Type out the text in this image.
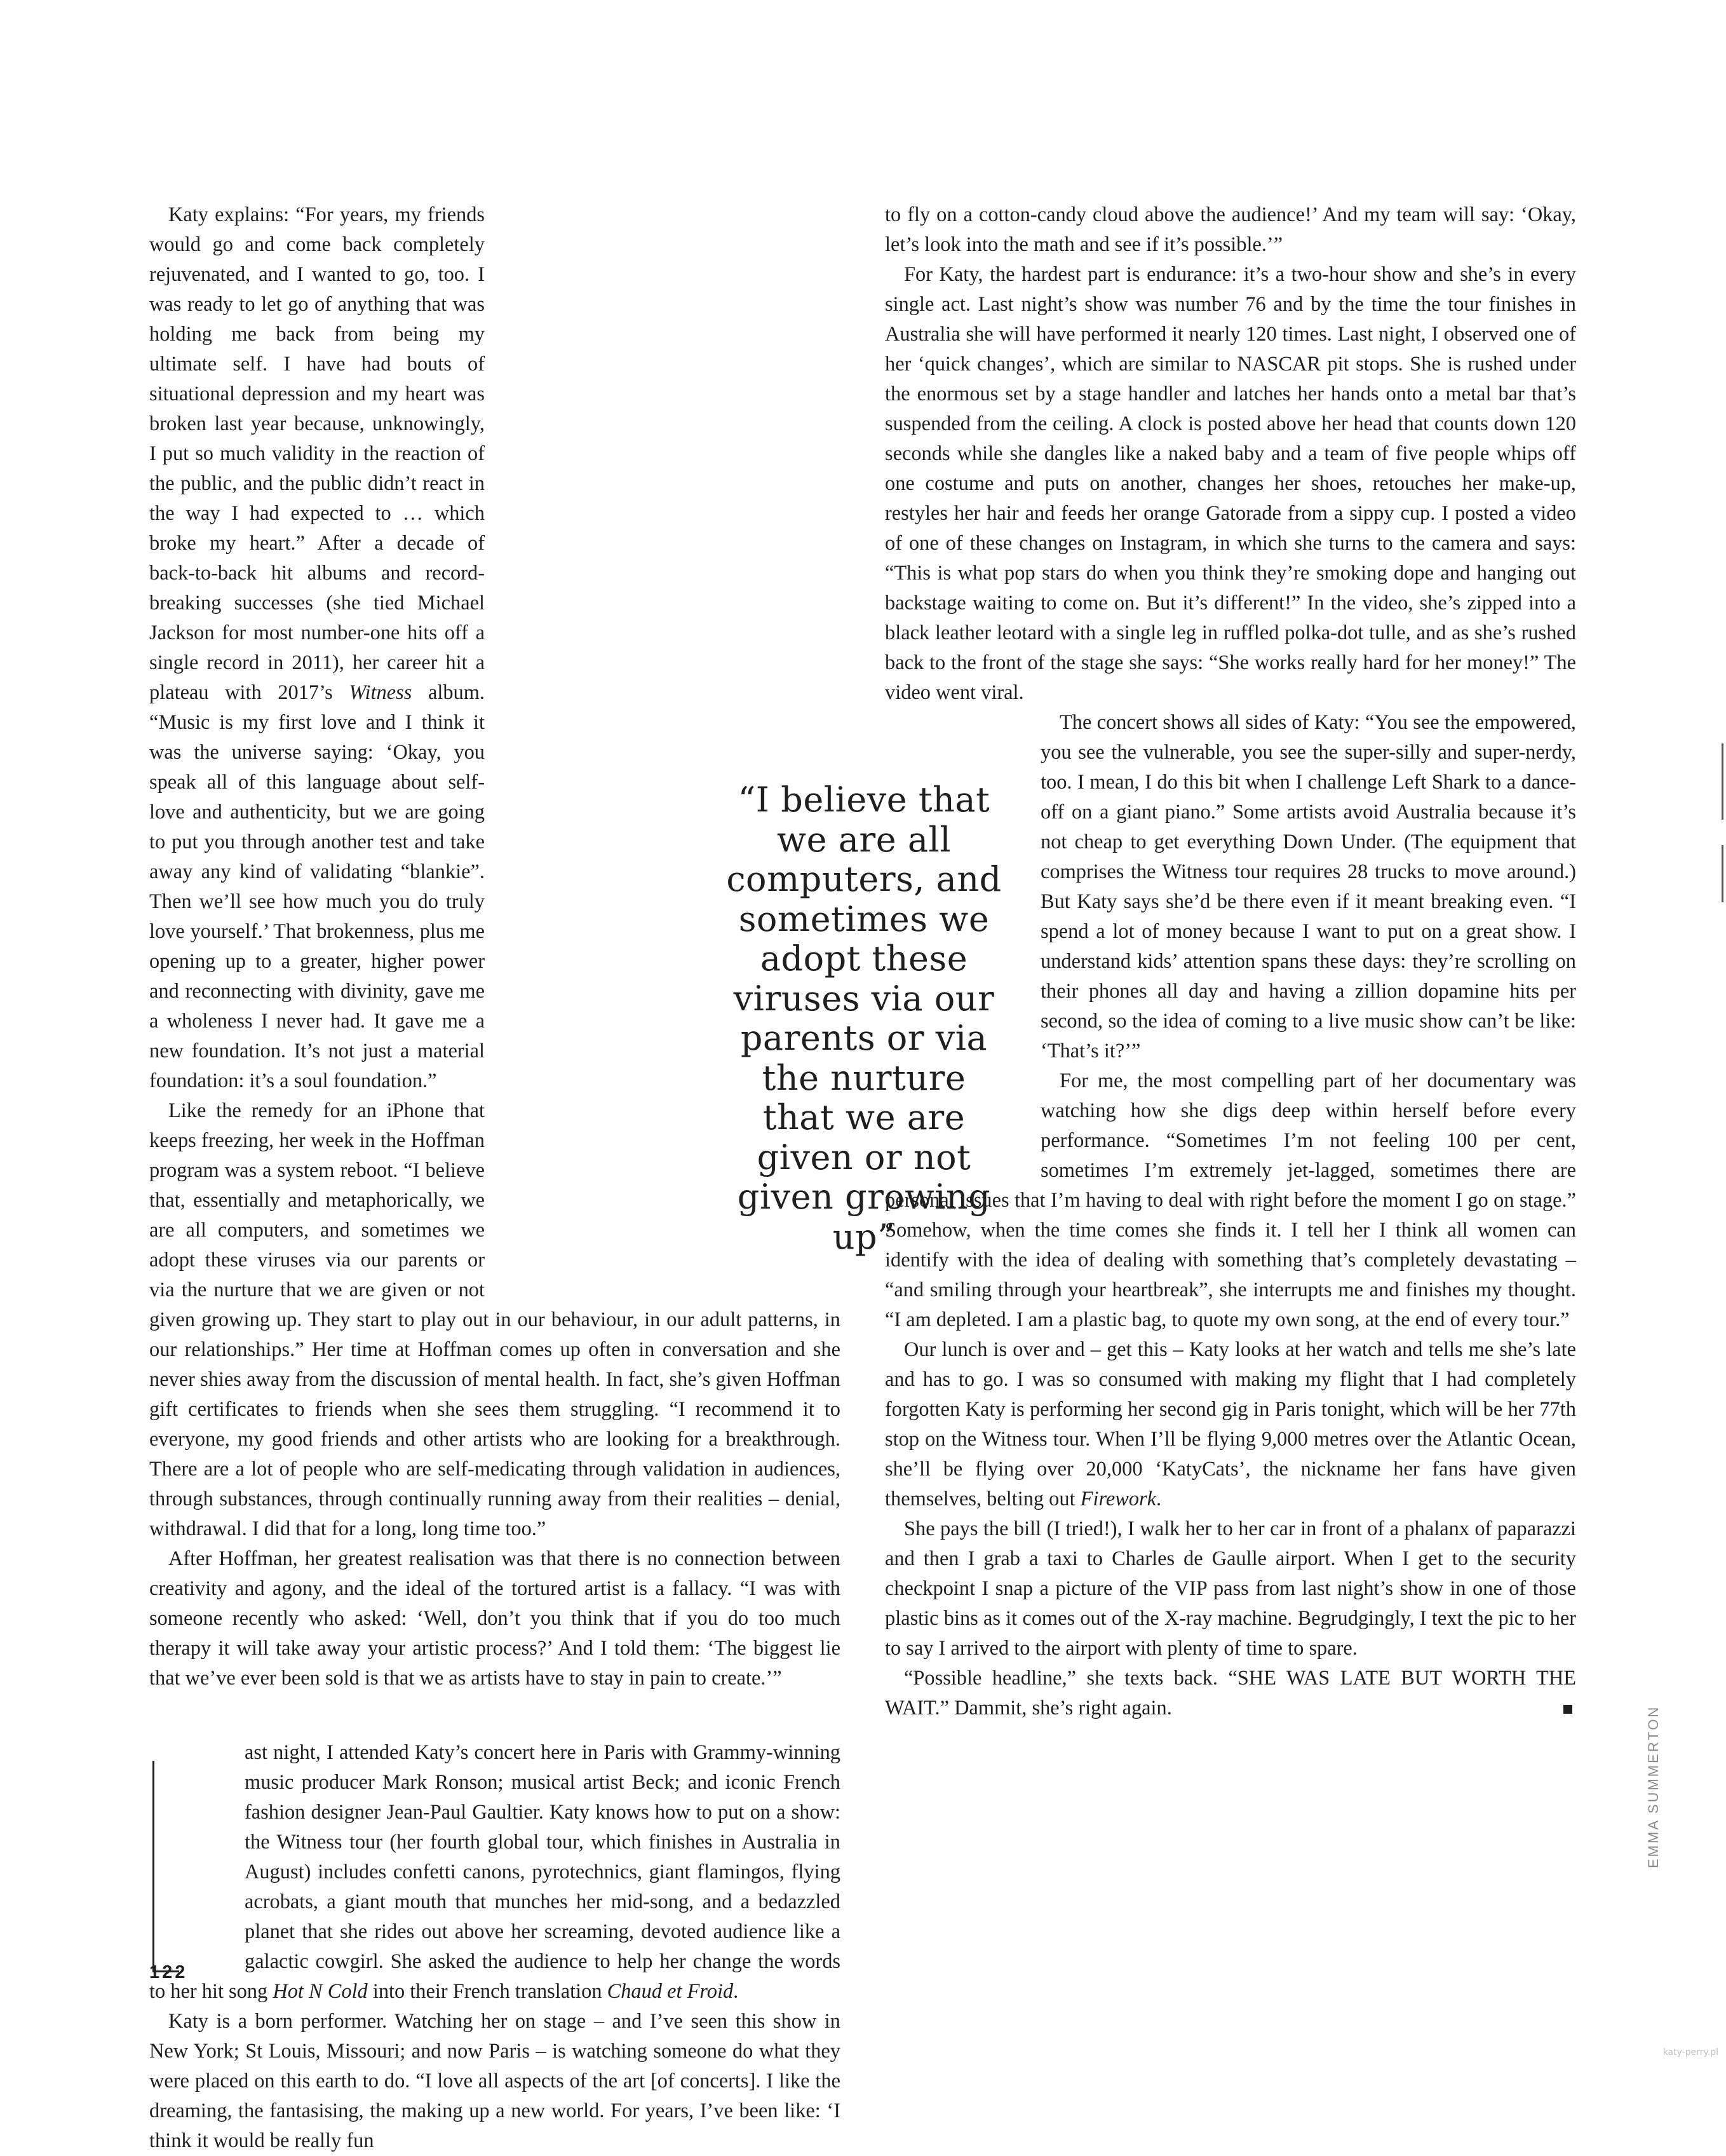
Katy explains: “For years, my friends would go and come back completely rejuvenated, and I wanted to go, too. I was ready to let go of anything that was holding me back from being my ultimate self. I have had bouts of situational depression and my heart was broken last year because, unknowingly, I put so much validity in the reaction of the public, and the public didn’t react in the way I had expected to … which broke my heart.” After a decade of back-to-back hit albums and record-breaking successes (she tied Michael Jackson for most number-one hits off a single record in 2011), her career hit a plateau with 2017’s Witness album. “Music is my first love and I think it was the universe saying: ‘Okay, you speak all of this language about self-love and authenticity, but we are going to put you through another test and take away any kind of validating “blankie”. Then we’ll see how much you do truly love yourself.’ That brokenness, plus me opening up to a greater, higher power and reconnecting with divinity, gave me a wholeness I never had. It gave me a new foundation. It’s not just a material foundation: it’s a soul foundation.”

Like the remedy for an iPhone that keeps freezing, her week in the Hoffman program was a system reboot. “I believe that, essentially and metaphorically, we are all computers, and sometimes we adopt these viruses via our parents or via the nurture that we are given or not given growing up. They start to play out in our behaviour, in our adult patterns, in our relationships.” Her time at Hoffman comes up often in conversation and she never shies away from the discussion of mental health. In fact, she’s given Hoffman gift certificates to friends when she sees them struggling. “I recommend it to everyone, my good friends and other artists who are looking for a breakthrough. There are a lot of people who are self-medicating through validation in audiences, through substances, through continually running away from their realities – denial, withdrawal. I did that for a long, long time too.”

After Hoffman, her greatest realisation was that there is no connection between creativity and agony, and the ideal of the tortured artist is a fallacy. “I was with someone recently who asked: ‘Well, don’t you think that if you do too much therapy it will take away your artistic process?’ And I told them: ‘The biggest lie that we’ve ever been sold is that we as artists have to stay in pain to create.’”

ast night, I attended Katy’s concert here in Paris with Grammy-winning music producer Mark Ronson; musical artist Beck; and iconic French fashion designer Jean-Paul Gaultier. Katy knows how to put on a show: the Witness tour (her fourth global tour, which finishes in Australia in August) includes confetti canons, pyrotechnics, giant flamingos, flying acrobats, a giant mouth that munches her mid-song, and a bedazzled planet that she rides out above her screaming, devoted audience like a galactic cowgirl. She asked the audience to help her change the words to her hit song Hot N Cold into their French translation Chaud et Froid.

Katy is a born performer. Watching her on stage – and I’ve seen this show in New York; St Louis, Missouri; and now Paris – is watching someone do what they were placed on this earth to do. “I love all aspects of the art [of concerts]. I like the dreaming, the fantasising, the making up a new world. For years, I’ve been like: ‘I think it would be really fun

to fly on a cotton-candy cloud above the audience!’ And my team will say: ‘Okay, let’s look into the math and see if it’s possible.’”

For Katy, the hardest part is endurance: it’s a two-hour show and she’s in every single act. Last night’s show was number 76 and by the time the tour finishes in Australia she will have performed it nearly 120 times. Last night, I observed one of her ‘quick changes’, which are similar to NASCAR pit stops. She is rushed under the enormous set by a stage handler and latches her hands onto a metal bar that’s suspended from the ceiling. A clock is posted above her head that counts down 120 seconds while she dangles like a naked baby and a team of five people whips off one costume and puts on another, changes her shoes, retouches her make-up, restyles her hair and feeds her orange Gatorade from a sippy cup. I posted a video of one of these changes on Instagram, in which she turns to the camera and says: “This is what pop stars do when you think they’re smoking dope and hanging out backstage waiting to come on. But it’s different!” In the video, she’s zipped into a black leather leotard with a single leg in ruffled polka-dot tulle, and as she’s rushed back to the front of the stage she says: “She works really hard for her money!” The video went viral.

The concert shows all sides of Katy: “You see the empowered, you see the vulnerable, you see the super-silly and super-nerdy, too. I mean, I do this bit when I challenge Left Shark to a dance-off on a giant piano.” Some artists avoid Australia because it’s not cheap to get everything Down Under. (The equipment that comprises the Witness tour requires 28 trucks to move around.) But Katy says she’d be there even if it meant breaking even. “I spend a lot of money because I want to put on a great show. I understand kids’ attention spans these days: they’re scrolling on their phones all day and having a zillion dopamine hits per second, so the idea of coming to a live music show can’t be like: ‘That’s it?’”

For me, the most compelling part of her documentary was watching how she digs deep within herself before every performance. “Sometimes I’m not feeling 100 per cent, sometimes I’m extremely jet-lagged, sometimes there are personal issues that I’m having to deal with right before the moment I go on stage.” Somehow, when the time comes she finds it. I tell her I think all women can identify with the idea of dealing with something that’s completely devastating – “and smiling through your heartbreak”, she interrupts me and finishes my thought. “I am depleted. I am a plastic bag, to quote my own song, at the end of every tour.”

Our lunch is over and – get this – Katy looks at her watch and tells me she’s late and has to go. I was so consumed with making my flight that I had completely forgotten Katy is performing her second gig in Paris tonight, which will be her 77th stop on the Witness tour. When I’ll be flying 9,000 metres over the Atlantic Ocean, she’ll be flying over 20,000 ‘KatyCats’, the nickname her fans have given themselves, belting out Firework.

She pays the bill (I tried!), I walk her to her car in front of a phalanx of paparazzi and then I grab a taxi to Charles de Gaulle airport. When I get to the security checkpoint I snap a picture of the VIP pass from last night’s show in one of those plastic bins as it comes out of the X-ray machine. Begrudgingly, I text the pic to her to say I arrived to the airport with plenty of time to spare.

“Possible headline,” she texts back. “SHE WAS LATE BUT WORTH THE WAIT.” Dammit, she’s right again.

“I believe that we are all computers, and sometimes we adopt these viruses via our parents or via the nurture that we are given or not given growing up”
122
EMMA SUMMERTON
katy-perry.pl
